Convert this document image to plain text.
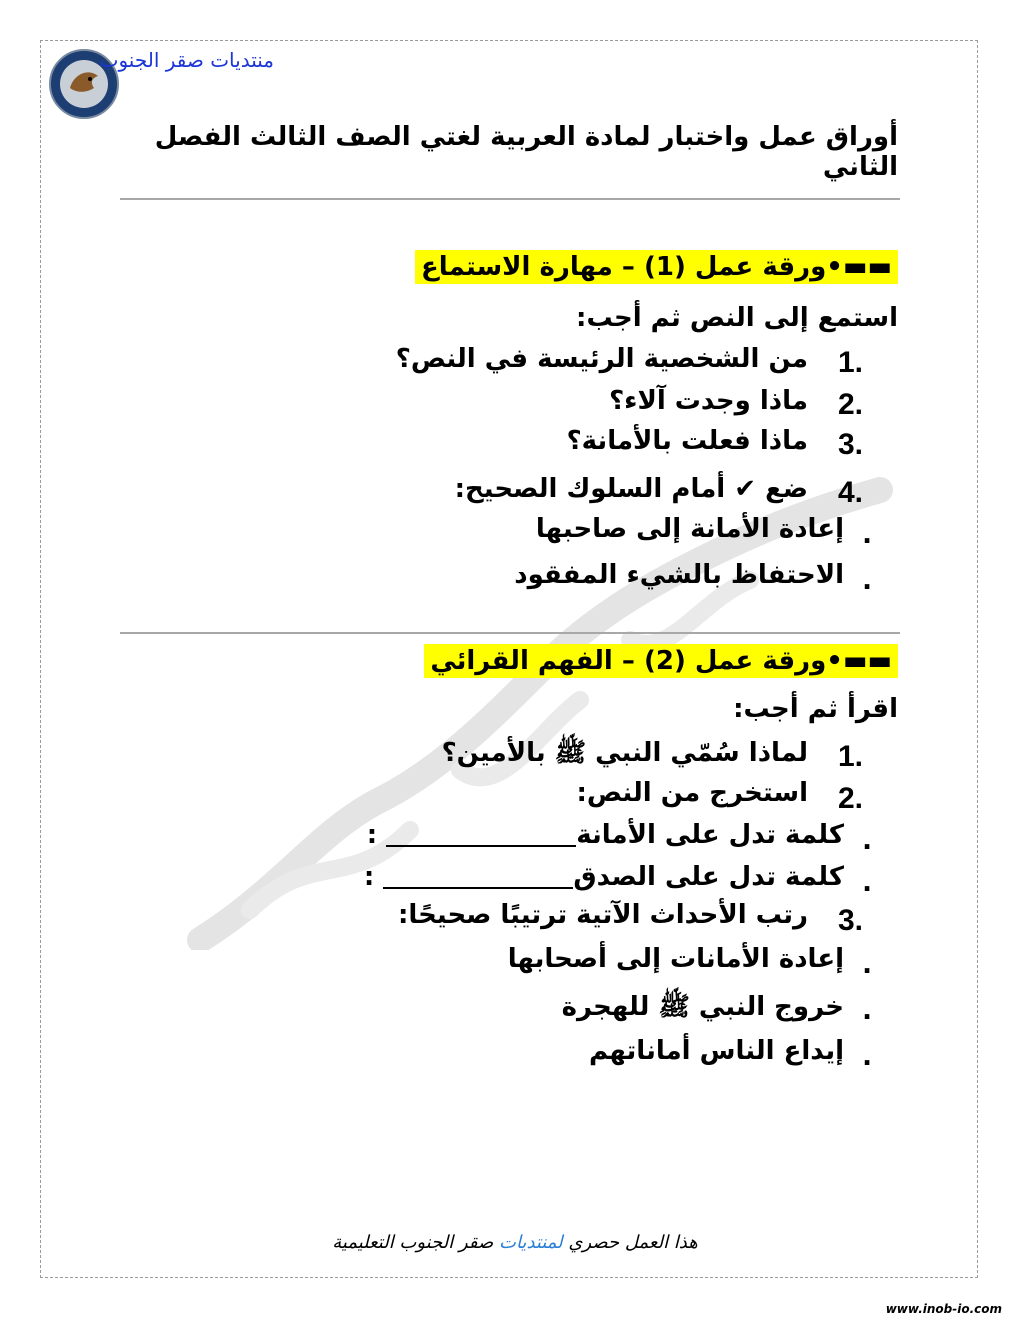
منتديات صقر الجنوب
أوراق عمل واختبار لمادة العربية لغتي الصف الثالث الفصل الثاني
▬▬•ورقة عمل (1) – مهارة الاستماع
استمع إلى النص ثم أجب:
1.
من الشخصية الرئيسة في النص؟
2.
ماذا وجدت آلاء؟
3.
ماذا فعلت بالأمانة؟
4.
ضع ✔ أمام السلوك الصحيح:
.
إعادة الأمانة إلى صاحبها
.
الاحتفاظ بالشيء المفقود
▬▬•ورقة عمل (2) – الفهم القرائي
اقرأ ثم أجب:
1.
لماذا سُمّي النبي ﷺ بالأمين؟
2.
استخرج من النص:
.
كلمة تدل على الأمانة :
.
كلمة تدل على الصدق :
3.
رتب الأحداث الآتية ترتيبًا صحيحًا:
.
إعادة الأمانات إلى أصحابها
.
خروج النبي ﷺ للهجرة
.
إيداع الناس أماناتهم
هذا العمل حصري لمنتديات صقر الجنوب التعليمية
www.inob-io.com
